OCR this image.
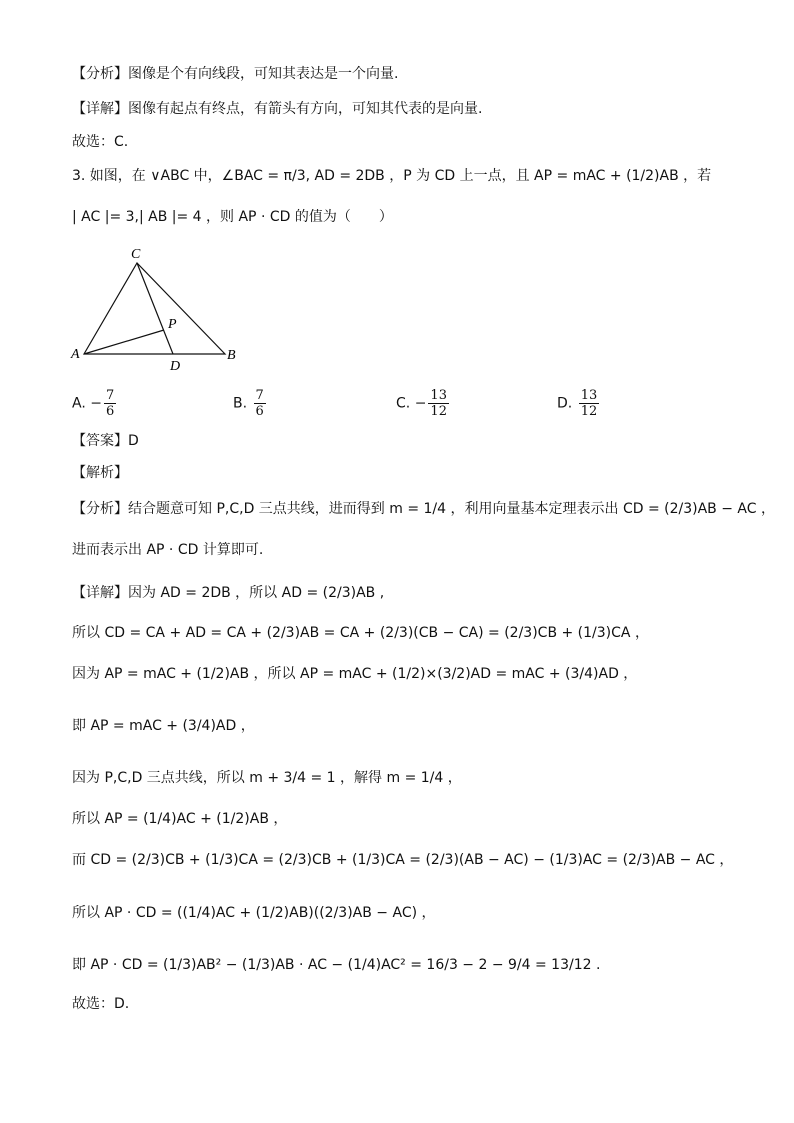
【分析】图像是个有向线段，可知其表达是一个向量.
【详解】图像有起点有终点，有箭头有方向，可知其代表的是向量.
故选：C.
3. 如图，在 ∨ABC 中，∠BAC = π/3, AD = 2DB ，P 为 CD 上一点，且 AP = mAC + (1/2)AB ，若
| AC |= 3,| AB |= 4 ，则 AP · CD 的值为（　　）
C
P
A
D
B
A. − $\frac{7}{6}$	B. $\frac{7}{6}$	C. − $\frac{13}{12}$	D. $\frac{13}{12}$
【答案】D
【解析】
【分析】结合题意可知 P,C,D 三点共线，进而得到 m = 1/4 ，利用向量基本定理表示出 CD = (2/3)AB − AC ，
进而表示出 AP · CD 计算即可.
【详解】因为 AD = 2DB ，所以 AD = (2/3)AB ,
所以 CD = CA + AD = CA + (2/3)AB = CA + (2/3)(CB − CA) = (2/3)CB + (1/3)CA ，
因为 AP = mAC + (1/2)AB ，所以 AP = mAC + (1/2)×(3/2)AD = mAC + (3/4)AD ，
即 AP = mAC + (3/4)AD ，
因为 P,C,D 三点共线，所以 m + 3/4 = 1 ，解得 m = 1/4 ，
所以 AP = (1/4)AC + (1/2)AB ，
而 CD = (2/3)CB + (1/3)CA = (2/3)CB + (1/3)CA = (2/3)(AB − AC) − (1/3)AC = (2/3)AB − AC ，
所以 AP · CD = ((1/4)AC + (1/2)AB)((2/3)AB − AC) ，
即 AP · CD = (1/3)AB² − (1/3)AB · AC − (1/4)AC² = 16/3 − 2 − 9/4 = 13/12 .
故选：D.
